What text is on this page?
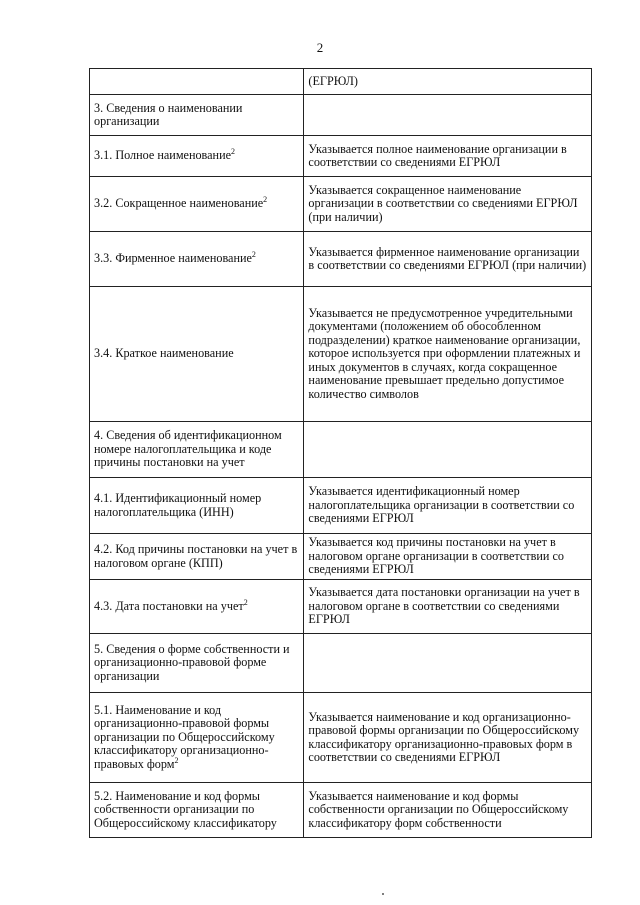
2
	(ЕГРЮЛ)
3. Сведения о наименовании организации	
3.1. Полное наименование$^2$	Указывается полное наименование организации в соответствии со сведениями ЕГРЮЛ
3.2. Сокращенное наименование$^2$	Указывается сокращенное наименование организации в соответствии со сведениями ЕГРЮЛ (при наличии)
3.3. Фирменное наименование$^2$	Указывается фирменное наименование организации в соответствии со сведениями ЕГРЮЛ (при наличии)
3.4. Краткое наименование	Указывается не предусмотренное учредительными документами (положением об обособленном подразделении) краткое наименование организации, которое используется при оформлении платежных и иных документов в случаях, когда сокращенное наименование превышает предельно допустимое количество символов
4. Сведения об идентификационном номере налогоплательщика и коде причины постановки на учет	
4.1. Идентификационный номер налогоплательщика (ИНН)	Указывается идентификационный номер налогоплательщика организации в соответствии со сведениями ЕГРЮЛ
4.2. Код причины постановки на учет в налоговом органе (КПП)	Указывается код причины постановки на учет в налоговом органе организации в соответствии со сведениями ЕГРЮЛ
4.3. Дата постановки на учет$^2$	Указывается дата постановки организации на учет в налоговом органе в соответствии со сведениями ЕГРЮЛ
5. Сведения о форме собственности и организационно-правовой форме организации	
5.1. Наименование и код организационно-правовой формы организации по Общероссийскому классификатору организационно-правовых форм$^2$	Указывается наименование и код организационно-правовой формы организации по Общероссийскому классификатору организационно-правовых форм в соответствии со сведениями ЕГРЮЛ
5.2. Наименование и код формы собственности организации по Общероссийскому классификатору	Указывается наименование и код формы собственности организации по Общероссийскому классификатору форм собственности
